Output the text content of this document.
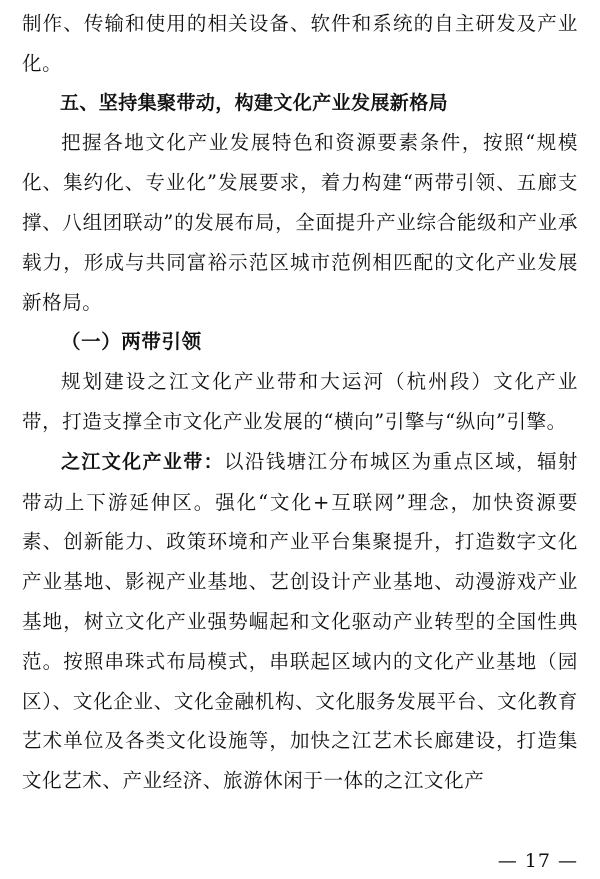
制作、传输和使用的相关设备、软件和系统的自主研发及产业化。

五、坚持集聚带动，构建文化产业发展新格局

把握各地文化产业发展特色和资源要素条件，按照“规模化、集约化、专业化”发展要求，着力构建“两带引领、五廊支撑、八组团联动”的发展布局，全面提升产业综合能级和产业承载力，形成与共同富裕示范区城市范例相匹配的文化产业发展新格局。

（一）两带引领

规划建设之江文化产业带和大运河（杭州段）文化产业带，打造支撑全市文化产业发展的“横向”引擎与“纵向”引擎。

之江文化产业带：以沿钱塘江分布城区为重点区域，辐射带动上下游延伸区。强化“文化+互联网”理念，加快资源要素、创新能力、政策环境和产业平台集聚提升，打造数字文化产业基地、影视产业基地、艺创设计产业基地、动漫游戏产业基地，树立文化产业强势崛起和文化驱动产业转型的全国性典范。按照串珠式布局模式，串联起区域内的文化产业基地（园区）、文化企业、文化金融机构、文化服务发展平台、文化教育艺术单位及各类文化设施等，加快之江艺术长廊建设，打造集文化艺术、产业经济、旅游休闲于一体的之江文化产

— 17 —
